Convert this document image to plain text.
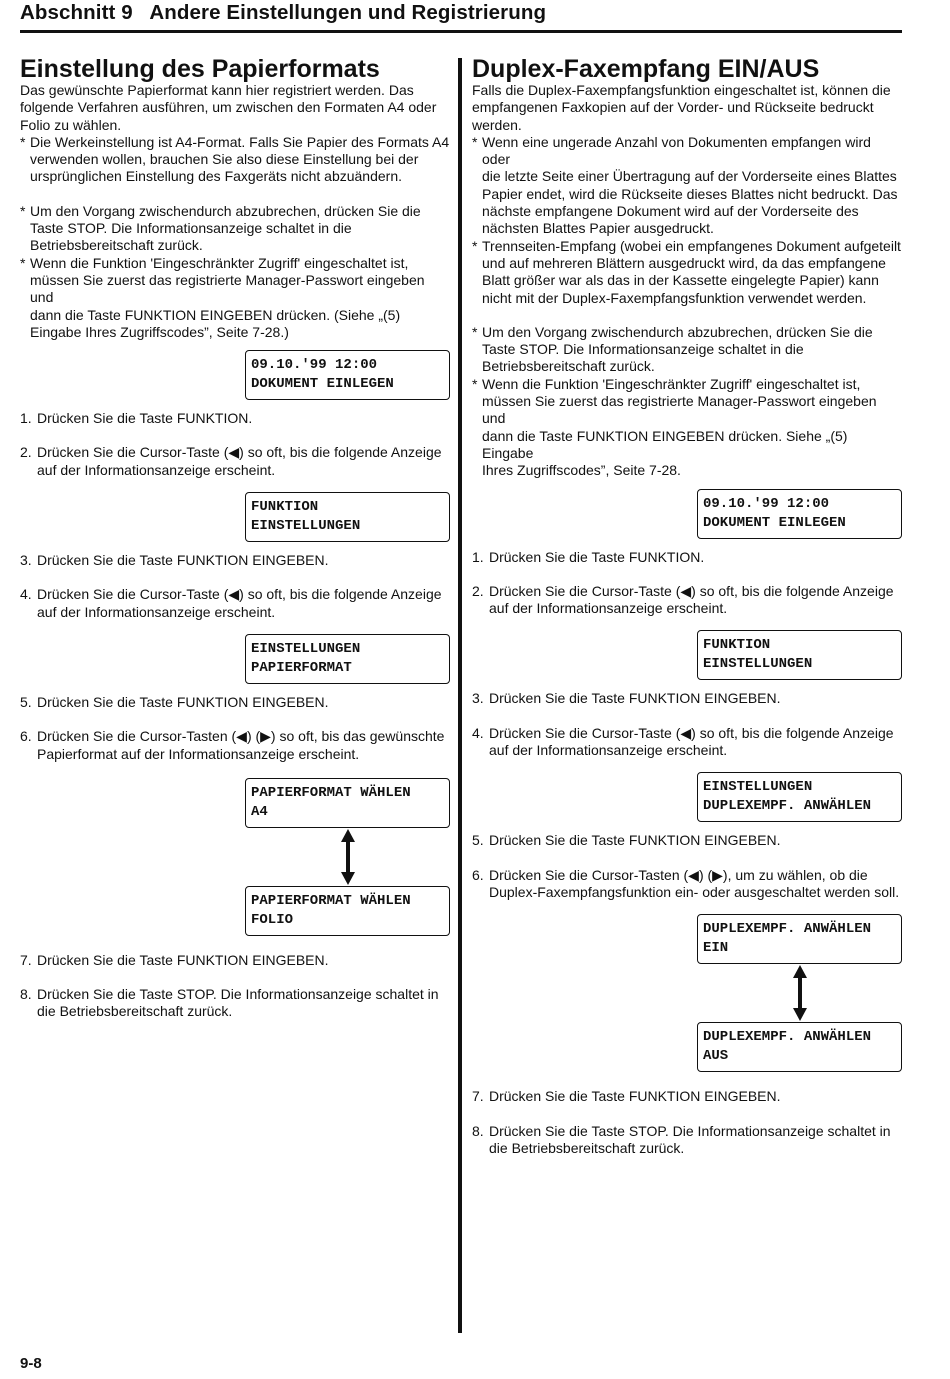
Abschnitt 9   Andere Einstellungen und Registrierung
Einstellung des Papierformats

Das gewünschte Papierformat kann hier registriert werden. Das
folgende Verfahren ausführen, um zwischen den Formaten A4 oder
Folio zu wählen.

* Die Werkeinstellung ist A4-Format. Falls Sie Papier des Formats A4
verwenden wollen, brauchen Sie also diese Einstellung bei der
ursprünglichen Einstellung des Faxgeräts nicht abzuändern.
* Um den Vorgang zwischendurch abzubrechen, drücken Sie die
Taste STOP. Die Informationsanzeige schaltet in die
Betriebsbereitschaft zurück.
* Wenn die Funktion 'Eingeschränkter Zugriff' eingeschaltet ist,
müssen Sie zuerst das registrierte Manager-Passwort eingeben und
dann die Taste FUNKTION EINGEBEN drücken. (Siehe „(5)
Eingabe Ihres Zugriffscodes”, Seite 7-28.)
09.10.'99 12:00
DOKUMENT EINLEGEN
1. Drücken Sie die Taste FUNKTION.
2. Drücken Sie die Cursor-Taste (◀) so oft, bis die folgende Anzeige
auf der Informationsanzeige erscheint.
FUNKTION
EINSTELLUNGEN
3. Drücken Sie die Taste FUNKTION EINGEBEN.
4. Drücken Sie die Cursor-Taste (◀) so oft, bis die folgende Anzeige
auf der Informationsanzeige erscheint.
EINSTELLUNGEN
PAPIERFORMAT
5. Drücken Sie die Taste FUNKTION EINGEBEN.
6. Drücken Sie die Cursor-Tasten (◀) (▶) so oft, bis das gewünschte
Papierformat auf der Informationsanzeige erscheint.
PAPIERFORMAT WÄHLEN
A4
PAPIERFORMAT WÄHLEN
FOLIO
7. Drücken Sie die Taste FUNKTION EINGEBEN.
8. Drücken Sie die Taste STOP. Die Informationsanzeige schaltet in
die Betriebsbereitschaft zurück.
Duplex-Faxempfang EIN/AUS

Falls die Duplex-Faxempfangsfunktion eingeschaltet ist, können die
empfangenen Faxkopien auf der Vorder- und Rückseite bedruckt
werden.

* Wenn eine ungerade Anzahl von Dokumenten empfangen wird oder
die letzte Seite einer Übertragung auf der Vorderseite eines Blattes
Papier endet, wird die Rückseite dieses Blattes nicht bedruckt. Das
nächste empfangene Dokument wird auf der Vorderseite des
nächsten Blattes Papier ausgedruckt.
* Trennseiten-Empfang (wobei ein empfangenes Dokument aufgeteilt
und auf mehreren Blättern ausgedruckt wird, da das empfangene
Blatt größer war als das in der Kassette eingelegte Papier) kann
nicht mit der Duplex-Faxempfangsfunktion verwendet werden.
* Um den Vorgang zwischendurch abzubrechen, drücken Sie die
Taste STOP. Die Informationsanzeige schaltet in die
Betriebsbereitschaft zurück.
* Wenn die Funktion 'Eingeschränkter Zugriff' eingeschaltet ist,
müssen Sie zuerst das registrierte Manager-Passwort eingeben und
dann die Taste FUNKTION EINGEBEN drücken. Siehe „(5) Eingabe
Ihres Zugriffscodes”, Seite 7-28.
09.10.'99 12:00
DOKUMENT EINLEGEN
1. Drücken Sie die Taste FUNKTION.
2. Drücken Sie die Cursor-Taste (◀) so oft, bis die folgende Anzeige
auf der Informationsanzeige erscheint.
FUNKTION
EINSTELLUNGEN
3. Drücken Sie die Taste FUNKTION EINGEBEN.
4. Drücken Sie die Cursor-Taste (◀) so oft, bis die folgende Anzeige
auf der Informationsanzeige erscheint.
EINSTELLUNGEN
DUPLEXEMPF. ANWÄHLEN
5. Drücken Sie die Taste FUNKTION EINGEBEN.
6. Drücken Sie die Cursor-Tasten (◀) (▶), um zu wählen, ob die
Duplex-Faxempfangsfunktion ein- oder ausgeschaltet werden soll.
DUPLEXEMPF. ANWÄHLEN
EIN
DUPLEXEMPF. ANWÄHLEN
AUS
7. Drücken Sie die Taste FUNKTION EINGEBEN.
8. Drücken Sie die Taste STOP. Die Informationsanzeige schaltet in
die Betriebsbereitschaft zurück.
9-8
